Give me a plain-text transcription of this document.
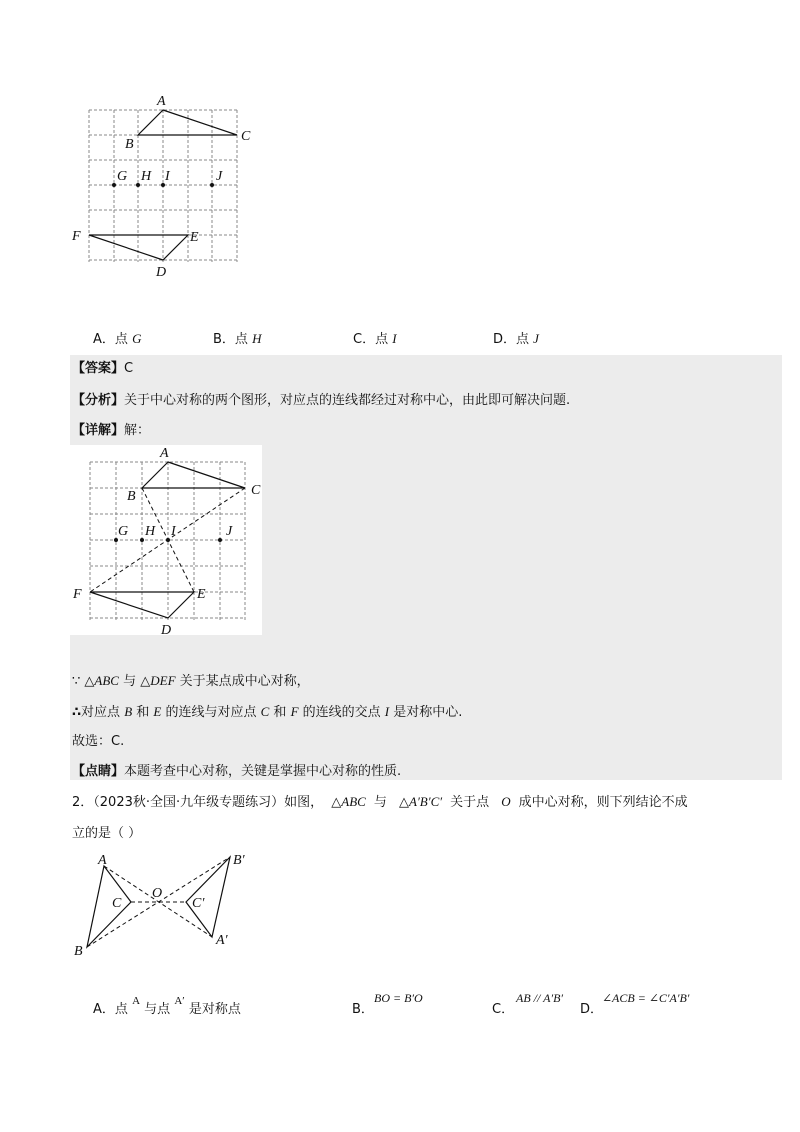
A
B
C
D
E
F
G H I	J
A．点 G	B．点 H	C．点 I	D．点 J
【答案】C
【分析】关于中心对称的两个图形，对应点的连线都经过对称中心，由此即可解决问题.
【详解】解：
A
B	C
D
E
F
G H I	J
∵ △ABC 与 △DEF 关于某点成中心对称，
∴对应点 B 和 E 的连线与对应点 C 和 F 的连线的交点 I 是对称中心.
故选：C.
【点睛】本题考查中心对称，关键是掌握中心对称的性质.
2．（2023秋·全国·九年级专题练习）如图， △ABC 与 △A′B′C′ 关于点 O 成中心对称，则下列结论不成
立的是（ ）
A
B
C
O
A′
B′
C′
A．点 $^A$ 与点 $^{A'}$ 是对称点	B．
BO = B′O
C．
AB // A′B′
D．
∠ACB = ∠C′A′B′
